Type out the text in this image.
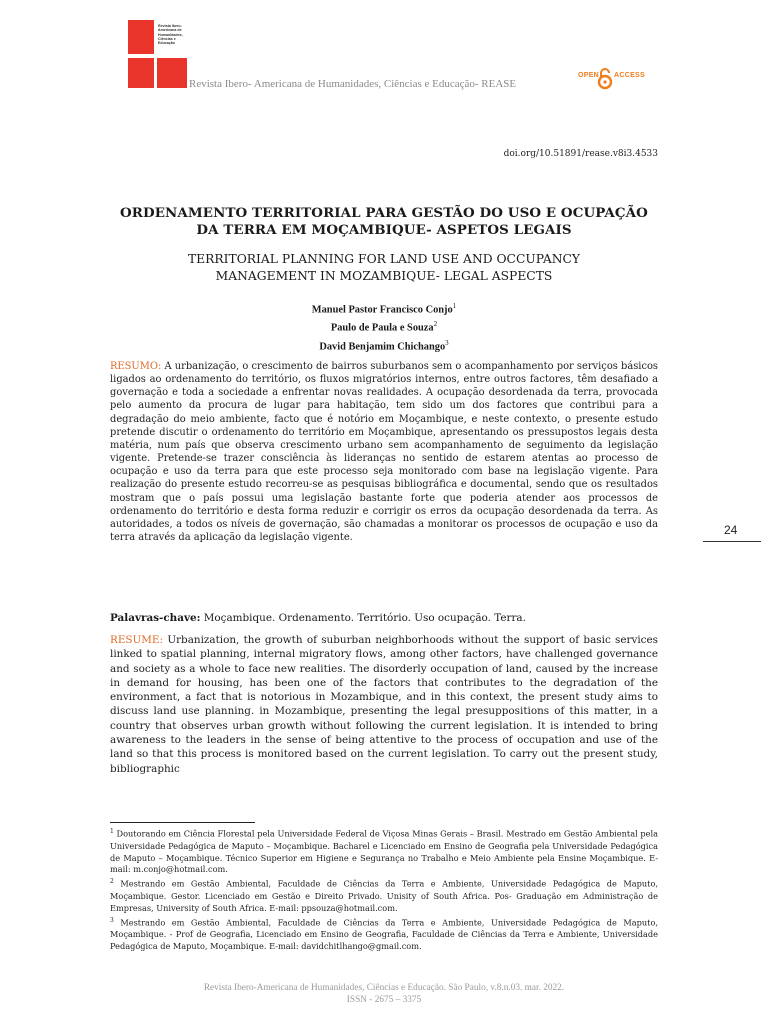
Revista Ibero-Americana de Humanidades, Ciências e Educação
Revista Ibero- Americana de Humanidades, Ciências e Educação- REASE
OPEN ACCESS
doi.org/10.51891/rease.v8i3.4533
ORDENAMENTO TERRITORIAL PARA GESTÃO DO USO E OCUPAÇÃO
DA TERRA EM MOÇAMBIQUE- ASPETOS LEGAIS
TERRITORIAL PLANNING FOR LAND USE AND OCCUPANCY
MANAGEMENT IN MOZAMBIQUE- LEGAL ASPECTS
Manuel Pastor Francisco Conjo$^1$
Paulo de Paula e Souza$^2$
David Benjamim Chichango$^3$
RESUMO: A urbanização, o crescimento de bairros suburbanos sem o acompanhamento por serviços básicos ligados ao ordenamento do território, os fluxos migratórios internos, entre outros factores, têm desafiado a governação e toda a sociedade a enfrentar novas realidades. A ocupação desordenada da terra, provocada pelo aumento da procura de lugar para habitação, tem sido um dos factores que contribui para a degradação do meio ambiente, facto que é notório em Moçambique, e neste contexto, o presente estudo pretende discutir o ordenamento do território em Moçambique, apresentando os pressupostos legais desta matéria, num país que observa crescimento urbano sem acompanhamento de seguimento da legislação vigente. Pretende-se trazer consciência às lideranças no sentido de estarem atentas ao processo de ocupação e uso da terra para que este processo seja monitorado com base na legislação vigente. Para realização do presente estudo recorreu-se as pesquisas bibliográfica e documental, sendo que os resultados mostram que o país possui uma legislação bastante forte que poderia atender aos processos de ordenamento do território e desta forma reduzir e corrigir os erros da ocupação desordenada da terra. As autoridades, a todos os níveis de governação, são chamadas a monitorar os processos de ocupação e uso da terra através da aplicação da legislação vigente.
Palavras-chave: Moçambique. Ordenamento. Território. Uso ocupação. Terra.
RESUME: Urbanization, the growth of suburban neighborhoods without the support of basic services linked to spatial planning, internal migratory flows, among other factors, have challenged governance and society as a whole to face new realities. The disorderly occupation of land, caused by the increase in demand for housing, has been one of the factors that contributes to the degradation of the environment, a fact that is notorious in Mozambique, and in this context, the present study aims to discuss land use planning. in Mozambique, presenting the legal presuppositions of this matter, in a country that observes urban growth without following the current legislation. It is intended to bring awareness to the leaders in the sense of being attentive to the process of occupation and use of the land so that this process is monitored based on the current legislation. To carry out the present study, bibliographic
24

$^1$ Doutorando em Ciência Florestal pela Universidade Federal de Viçosa Minas Gerais – Brasil. Mestrado em Gestão Ambiental pela Universidade Pedagógica de Maputo – Moçambique. Bacharel e Licenciado em Ensino de Geografia pela Universidade Pedagógica de Maputo – Moçambique. Técnico Superior em Higiene e Segurança no Trabalho e Meio Ambiente pela Ensine Moçambique. E-mail: m.conjo@hotmail.com.

$^2$ Mestrando em Gestão Ambiental, Faculdade de Ciências da Terra e Ambiente, Universidade Pedagógica de Maputo, Moçambique. Gestor. Licenciado em Gestão e Direito Privado. Unisity of South Africa. Pos- Graduação em Administração de Empresas, University of South Africa. E-mail: ppsouza@hotmail.com.

$^3$ Mestrando em Gestão Ambiental, Faculdade de Ciências da Terra e Ambiente, Universidade Pedagógica de Maputo, Moçambique. - Prof de Geografia, Licenciado em Ensino de Geografia, Faculdade de Ciências da Terra e Ambiente, Universidade Pedagógica de Maputo, Moçambique. E-mail: davidchitlhango@gmail.com.

Revista Ibero-Americana de Humanidades, Ciências e Educação. São Paulo, v.8.n.03. mar. 2022.
ISSN - 2675 – 3375
